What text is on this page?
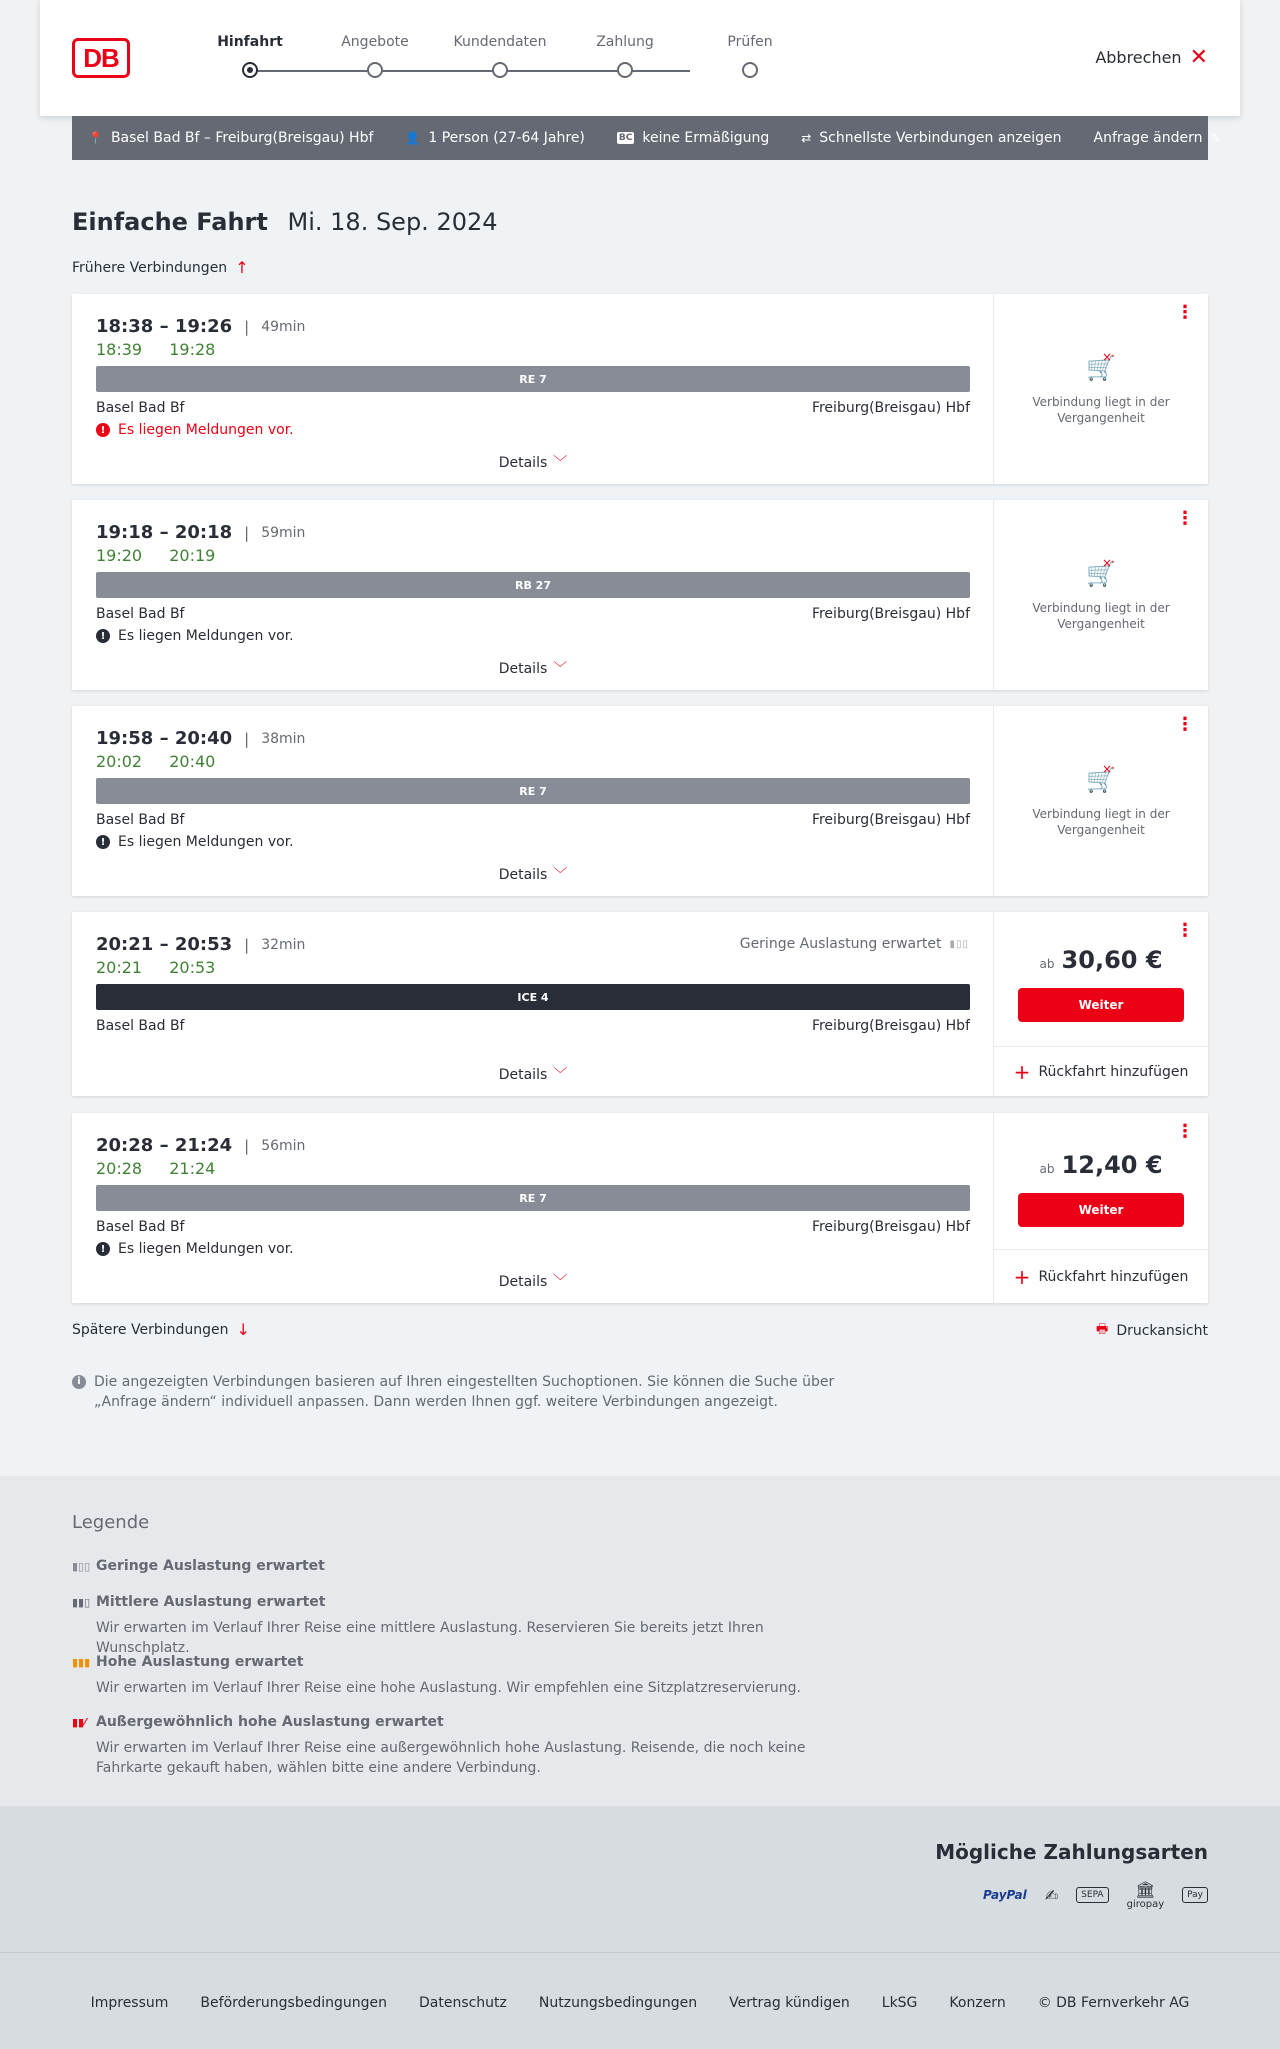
DB
Hinfahrt	Angebote	Kundendaten	Zahlung	Prüfen
Abbrechen ✕
📍 Basel Bad Bf – Freiburg(Breisgau) Hbf	👤 1 Person (27-64 Jahre)	BC keine Ermäßigung	⇄ Schnellste Verbindungen anzeigen Anfrage ändern ✎
Einfache Fahrt Mi. 18. Sep. 2024
Frühere Verbindungen ↑
18:38 – 19:26 | 49min
18:39 19:28
RE 7
Basel Bad Bf	Freiburg(Breisgau) Hbf
! Es liegen Meldungen vor.
Details ﹀
⋮
🛒 ×
Verbindung liegt in der Vergangenheit
19:18 – 20:18 | 59min
19:20 20:19
RB 27
Basel Bad Bf	Freiburg(Breisgau) Hbf
! Es liegen Meldungen vor.
Details ﹀
⋮
🛒 ×
Verbindung liegt in der Vergangenheit
19:58 – 20:40 | 38min
20:02 20:40
RE 7
Basel Bad Bf	Freiburg(Breisgau) Hbf
! Es liegen Meldungen vor.
Details ﹀
⋮
🛒 ×
Verbindung liegt in der Vergangenheit
20:21 – 20:53 | 32min	Geringe Auslastung erwartet ▮▯▯
20:21 20:53
ICE 4
Basel Bad Bf	Freiburg(Breisgau) Hbf
Details ﹀
⋮
ab 30,60 €
Weiter
+ Rückfahrt hinzufügen
20:28 – 21:24 | 56min
20:28 21:24
RE 7
Basel Bad Bf	Freiburg(Breisgau) Hbf
! Es liegen Meldungen vor.
Details ﹀
⋮
ab 12,40 €
Weiter
+ Rückfahrt hinzufügen
Spätere Verbindungen ↓	🖶 Druckansicht
i Die angezeigten Verbindungen basieren auf Ihren eingestellten Suchoptionen. Sie können die Suche über „Anfrage ändern“ individuell anpassen. Dann werden Ihnen ggf. weitere Verbindungen angezeigt.
Legende
▮▯▯ Geringe Auslastung erwartet
▮▮▯ Mittlere Auslastung erwartet
Wir erwarten im Verlauf Ihrer Reise eine mittlere Auslastung. Reservieren Sie bereits jetzt Ihren Wunschplatz.
▮▮▮ Hohe Auslastung erwartet
Wir erwarten im Verlauf Ihrer Reise eine hohe Auslastung. Wir empfehlen eine Sitzplatzreservierung.
▮▮⁄ Außergewöhnlich hohe Auslastung erwartet
Wir erwarten im Verlauf Ihrer Reise eine außergewöhnlich hohe Auslastung. Reisende, die noch keine Fahrkarte gekauft haben, wählen bitte eine andere Verbindung.
Mögliche Zahlungsarten
PayPal ✍	SEPA 🏛
giropay
Pay
Impressum Beförderungsbedingungen Datenschutz Nutzungsbedingungen Vertrag kündigen LkSG Konzern © DB Fernverkehr AG
